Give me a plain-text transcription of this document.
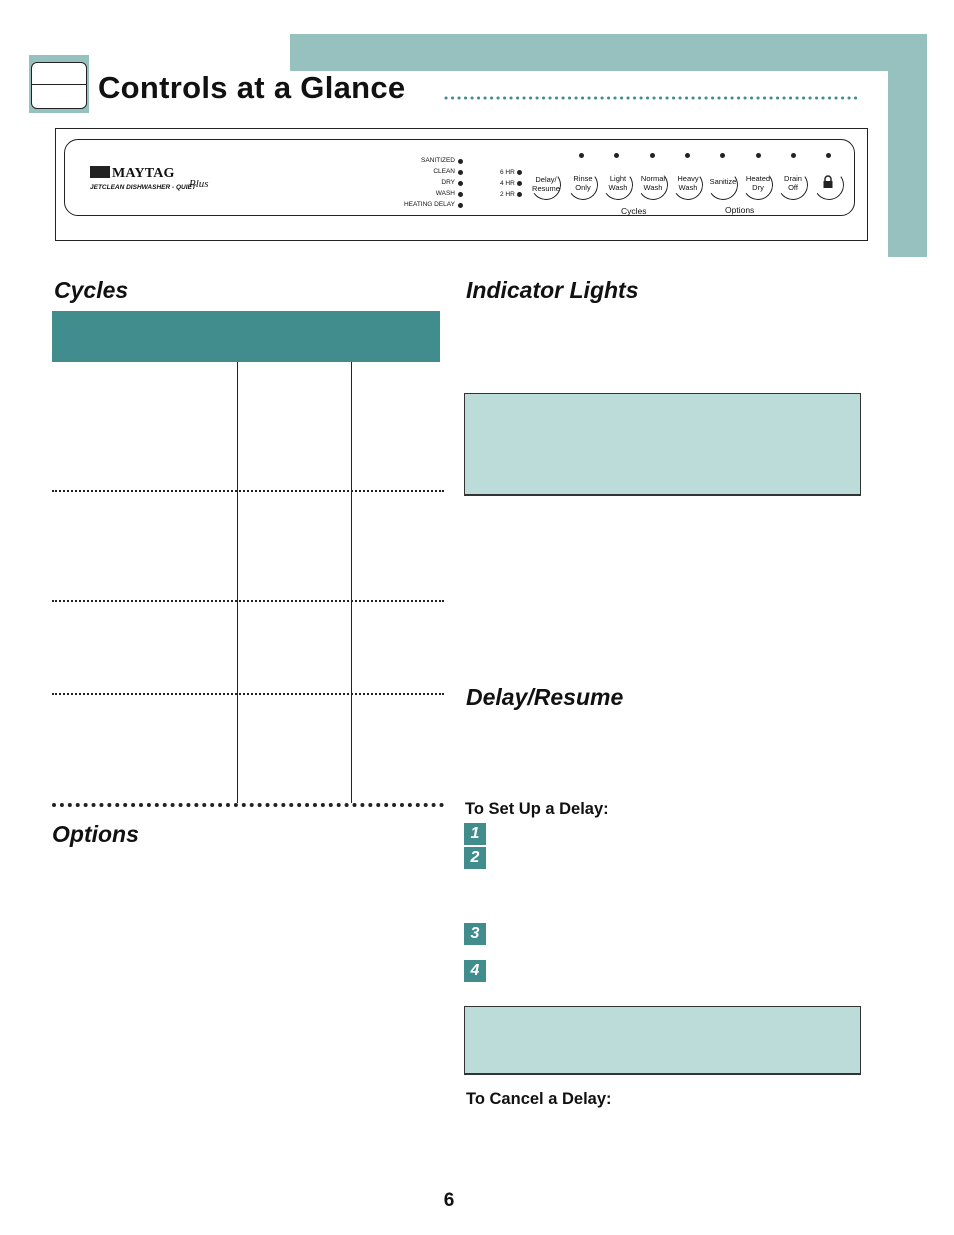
Controls at a Glance
MAYTAG
JETCLEAN DISHWASHER - QUIET
Plus
SANITIZED
CLEAN
DRY
WASH
HEATING DELAY
6 HR
4 HR
2 HR
Delay/
Resume
Rinse
Only
Light
Wash
Normal
Wash
Heavy
Wash
Sanitize	Heated
Dry
Drain
Off
Cycles	Options
Cycles
Options
Indicator Lights
Delay/Resume
To Set Up a Delay:
1
2
3
4
To Cancel a Delay:
6
